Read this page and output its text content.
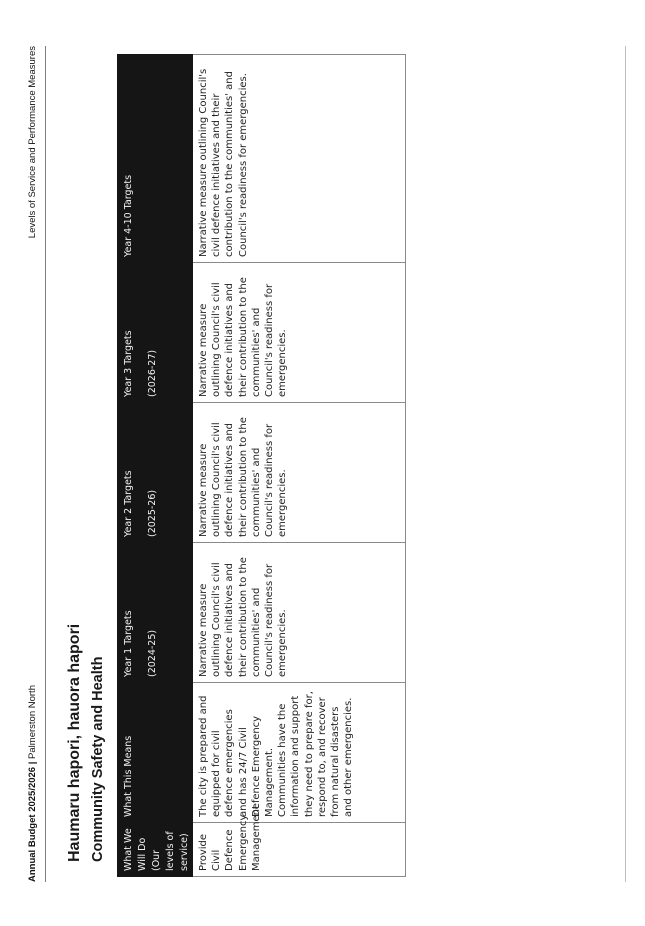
Annual Budget 2025/2026 | Palmerston North
Levels of Service and Performance Measures
Haumaru hapori, hauora hapori Community Safety and Health What We Will Do (Our levels of service)	What This Means	Year 1 Targets (2024-25)	Year 2 Targets (2025-26)	Year 3 Targets (2026-27)	Year 4-10 Targets
Provide Civil Defence Emergency Management	The city is prepared and equipped for civil defence emergencies and has 24/7 Civil Defence Emergency Management. Communities have the information and support they need to prepare for, respond to, and recover from natural disasters and other emergencies.	Narrative measure outlining Council's civil defence initiatives and their contribution to the communities' and Council's readiness for emergencies.	Narrative measure outlining Council's civil defence initiatives and their contribution to the communities' and Council's readiness for emergencies.	Narrative measure outlining Council's civil defence initiatives and their contribution to the communities' and Council's readiness for emergencies.	Narrative measure outlining Council's civil defence initiatives and their contribution to the communities' and Council's readiness for emergencies.
